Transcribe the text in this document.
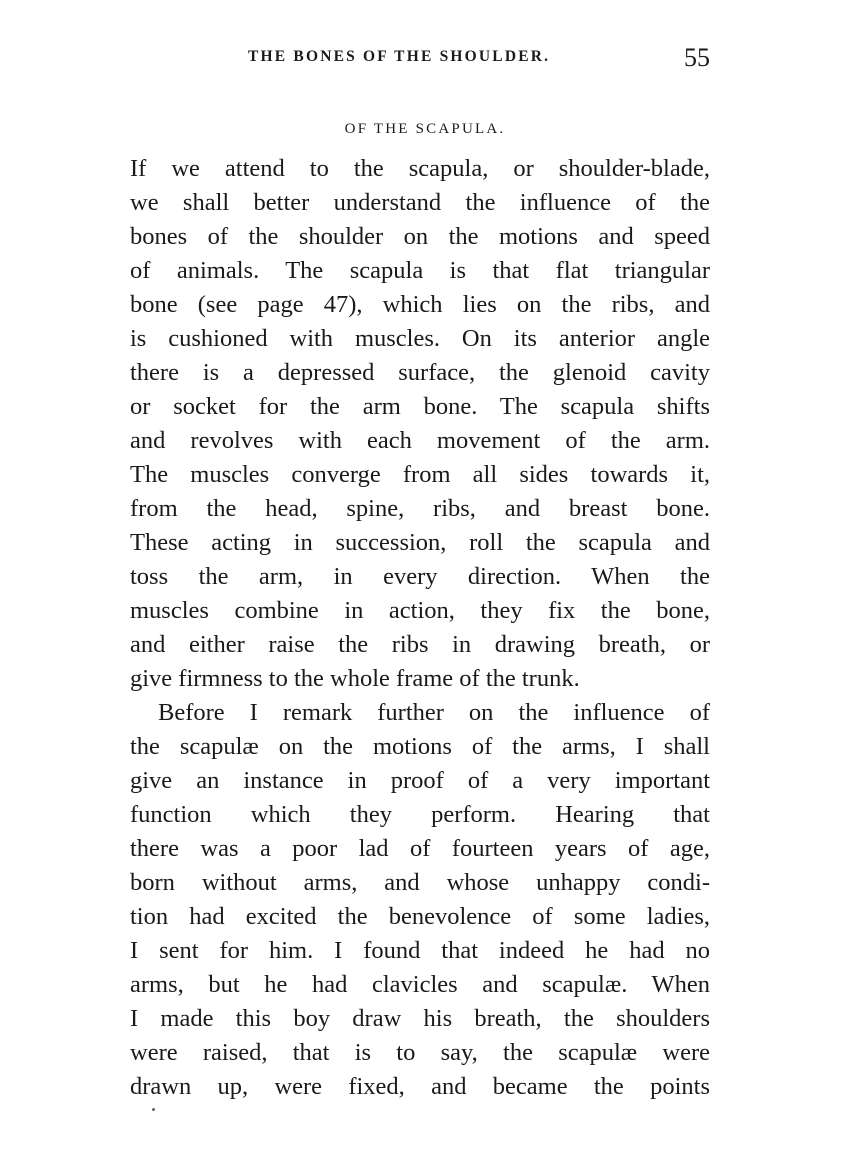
THE BONES OF THE SHOULDER.	55
OF THE SCAPULA.
If we attend to the scapula, or shoulder-blade,
we shall better understand the influence of the
bones of the shoulder on the motions and speed
of animals. The scapula is that flat triangular
bone (see page 47), which lies on the ribs, and
is cushioned with muscles. On its anterior angle
there is a depressed surface, the glenoid cavity
or socket for the arm bone. The scapula shifts
and revolves with each movement of the arm.
The muscles converge from all sides towards it,
from the head, spine, ribs, and breast bone.
These acting in succession, roll the scapula and
toss the arm, in every direction. When the
muscles combine in action, they fix the bone,
and either raise the ribs in drawing breath, or
give firmness to the whole frame of the trunk.
Before I remark further on the influence of
the scapulæ on the motions of the arms, I shall
give an instance in proof of a very important
function which they perform. Hearing that
there was a poor lad of fourteen years of age,
born without arms, and whose unhappy condi-
tion had excited the benevolence of some ladies,
I sent for him. I found that indeed he had no
arms, but he had clavicles and scapulæ. When
I made this boy draw his breath, the shoulders
were raised, that is to say, the scapulæ were
drawn up, were fixed, and became the points
